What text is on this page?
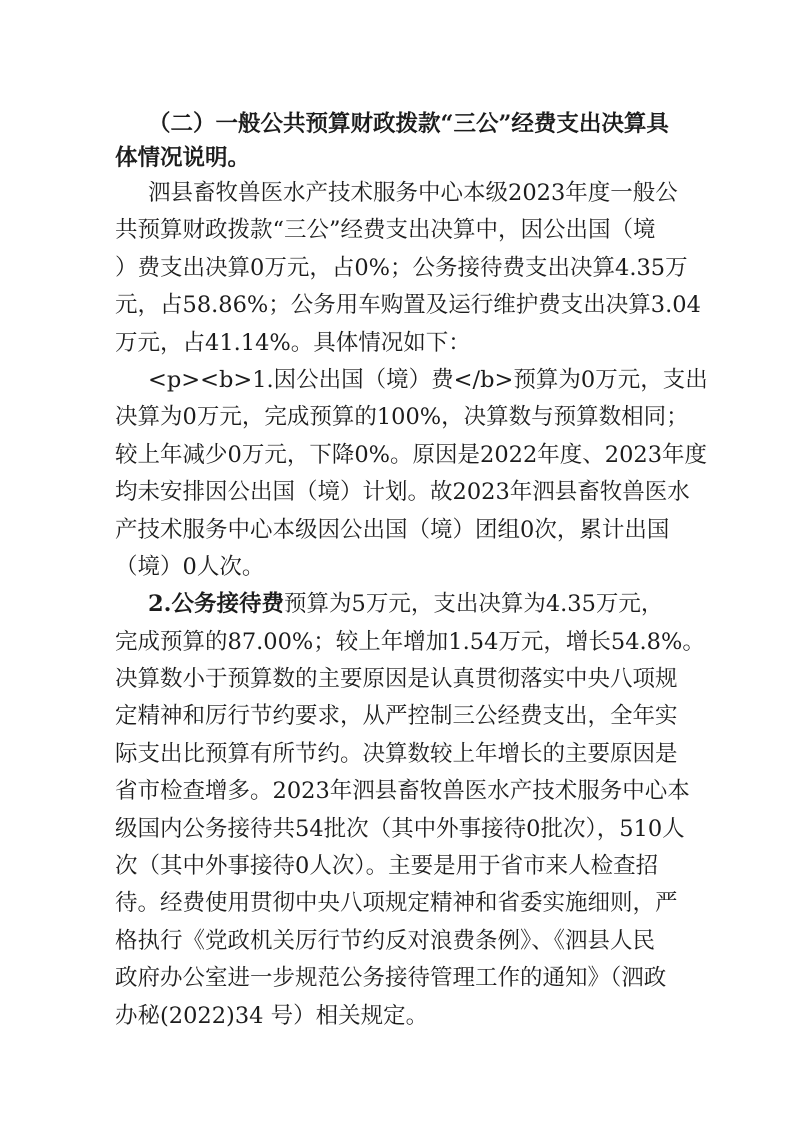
（二）一般公共预算财政拨款“三公”经费支出决算具
体情况说明。
泗县畜牧兽医水产技术服务中心本级2023年度一般公
共预算财政拨款“三公”经费支出决算中，因公出国（境
）费支出决算0万元，占0%；公务接待费支出决算4.35万
元，占58.86%；公务用车购置及运行维护费支出决算3.04
万元，占41.14%。具体情况如下：
<p><b>1.因公出国（境）费</b>预算为0万元，支出
决算为0万元，完成预算的100%，决算数与预算数相同；
较上年减少0万元，下降0%。原因是2022年度、2023年度
均未安排因公出国（境）计划。故2023年泗县畜牧兽医水
产技术服务中心本级因公出国（境）团组0次，累计出国
（境）0人次。
2.公务接待费预算为5万元，支出决算为4.35万元，
完成预算的87.00%；较上年增加1.54万元，增长54.8%。
决算数小于预算数的主要原因是认真贯彻落实中央八项规
定精神和厉行节约要求，从严控制三公经费支出，全年实
际支出比预算有所节约。决算数较上年增长的主要原因是
省市检查增多。2023年泗县畜牧兽医水产技术服务中心本
级国内公务接待共54批次（其中外事接待0批次），510人
次（其中外事接待0人次）。主要是用于省市来人检查招
待。经费使用贯彻中央八项规定精神和省委实施细则，严
格执行《党政机关厉行节约反对浪费条例》、《泗县人民
政府办公室进一步规范公务接待管理工作的通知》（泗政
办秘(2022)34 号）相关规定。
